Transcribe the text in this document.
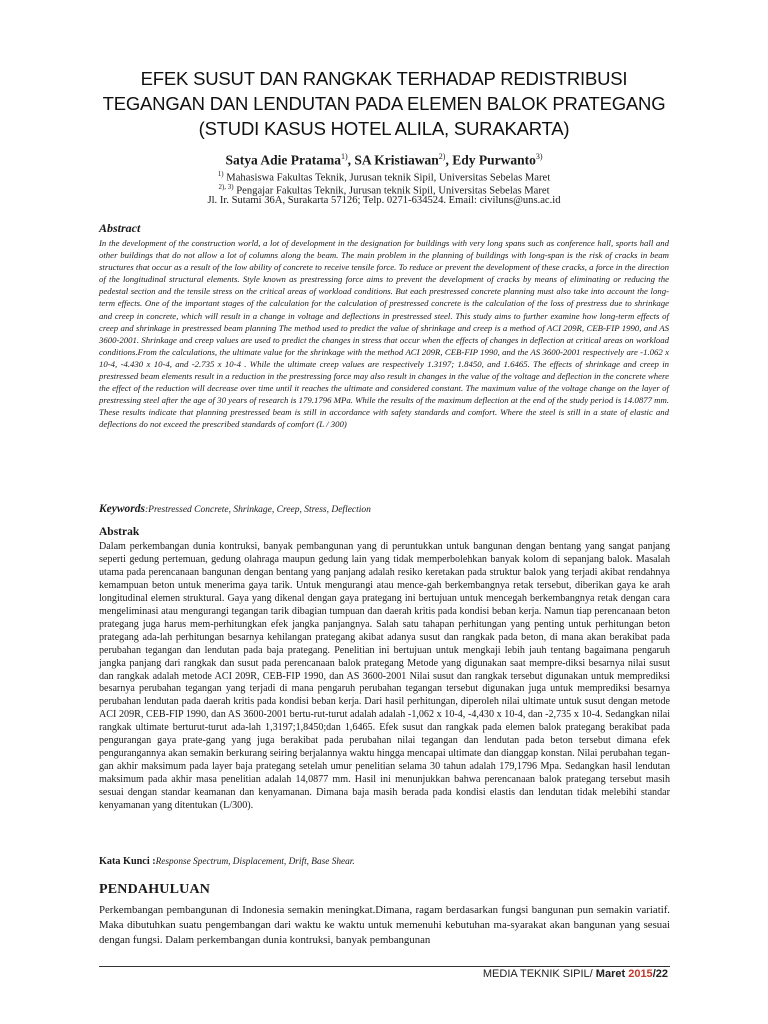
EFEK SUSUT DAN RANGKAK TERHADAP REDISTRIBUSI TEGANGAN DAN LENDUTAN PADA ELEMEN BALOK PRATEGANG (STUDI KASUS HOTEL ALILA, SURAKARTA)
Satya Adie Pratama$^{1)}$, SA Kristiawan$^{2)}$, Edy Purwanto$^{3)}$
$^{1)}$ Mahasiswa Fakultas Teknik, Jurusan teknik Sipil, Universitas Sebelas Maret
$^{2), 3)}$ Pengajar Fakultas Teknik, Jurusan teknik Sipil, Universitas Sebelas Maret
Jl. Ir. Sutami 36A, Surakarta 57126; Telp. 0271-634524. Email: civiluns@uns.ac.id
Abstract

In the development of the construction world, a lot of development in the designation for buildings with very long spans such as conference hall, sports hall and other buildings that do not allow a lot of columns along the beam. The main problem in the planning of buildings with long-span is the risk of cracks in beam structures that occur as a result of the low ability of concrete to receive tensile force. To reduce or prevent the development of these cracks, a force in the direction of the longitudinal structural elements. Style known as prestressing force aims to prevent the development of cracks by means of eliminating or reducing the pedestal section and the tensile stress on the critical areas of workload conditions. But each prestressed concrete planning must also take into account the long-term effects. One of the important stages of the calculation for the calculation of prestressed concrete is the calculation of the loss of prestress due to shrinkage and creep in concrete, which will result in a change in voltage and deflections in prestressed steel. This study aims to further examine how long-term effects of creep and shrinkage in prestressed beam planning The method used to predict the value of shrinkage and creep is a method of ACI 209R, CEB-FIP 1990, and AS 3600-2001. Shrinkage and creep values are used to predict the changes in stress that occur when the effects of changes in deflection at critical areas on workload conditions.From the calculations, the ultimate value for the shrinkage with the method ACI 209R, CEB-FIP 1990, and the AS 3600-2001 respectively are -1.062 x 10-4, -4.430 x 10-4, and -2.735 x 10-4 . While the ultimate creep values are respectively 1.3197; 1.8450, and 1.6465. The effects of shrinkage and creep in prestressed beam elements result in a reduction in the prestressing force may also result in changes in the value of the voltage and deflection in the concrete where the effect of the reduction will decrease over time until it reaches the ultimate and considered constant. The maximum value of the voltage change on the layer of prestressing steel after the age of 30 years of research is 179.1796 MPa. While the results of the maximum deflection at the end of the study period is 14.0877 mm. These results indicate that planning prestressed beam is still in accordance with safety standards and comfort. Where the steel is still in a state of elastic and deflections do not exceed the prescribed standards of comfort (L / 300)

Keywords:Prestressed Concrete, Shrinkage, Creep, Stress, Deflection
Abstrak

Dalam perkembangan dunia kontruksi, banyak pembangunan yang di peruntukkan untuk bangunan dengan bentang yang sangat panjang seperti gedung pertemuan, gedung olahraga maupun gedung lain yang tidak memperbolehkan banyak kolom di sepanjang balok. Masalah utama pada perencanaan bangunan dengan bentang yang panjang adalah resiko keretakan pada struktur balok yang terjadi akibat rendahnya kemampuan beton untuk menerima gaya tarik. Untuk mengurangi atau mence-gah berkembangnya retak tersebut, diberikan gaya ke arah longitudinal elemen struktural. Gaya yang dikenal dengan gaya prategang ini bertujuan untuk mencegah berkembangnya retak dengan cara mengeliminasi atau mengurangi tegangan tarik dibagian tumpuan dan daerah kritis pada kondisi beban kerja. Namun tiap perencanaan beton prategang juga harus mem-perhitungkan efek jangka panjangnya. Salah satu tahapan perhitungan yang penting untuk perhitungan beton prategang ada-lah perhitungan besarnya kehilangan prategang akibat adanya susut dan rangkak pada beton, di mana akan berakibat pada perubahan tegangan dan lendutan pada baja prategang. Penelitian ini bertujuan untuk mengkaji lebih jauh tentang bagaimana pengaruh jangka panjang dari rangkak dan susut pada perencanaan balok prategang Metode yang digunakan saat mempre-diksi besarnya nilai susut dan rangkak adalah metode ACI 209R, CEB-FIP 1990, dan AS 3600-2001 Nilai susut dan rangkak tersebut digunakan untuk memprediksi besarnya perubahan tegangan yang terjadi di mana pengaruh perubahan tegangan tersebut digunakan juga untuk memprediksi besarnya perubahan lendutan pada daerah kritis pada kondisi beban kerja. Dari hasil perhitungan, diperoleh nilai ultimate untuk susut dengan metode ACI 209R, CEB-FIP 1990, dan AS 3600-2001 bertu-rut-turut adalah adalah -1,062 x 10-4, -4,430 x 10-4, dan -2,735 x 10-4. Sedangkan nilai rangkak ultimate berturut-turut ada-lah 1,3197;1,8450;dan 1,6465. Efek susut dan rangkak pada elemen balok prategang berakibat pada pengurangan gaya prate-gang yang juga berakibat pada perubahan nilai tegangan dan lendutan pada beton tersebut dimana efek pengurangannya akan semakin berkurang seiring berjalannya waktu hingga mencapai ultimate dan dianggap konstan. Nilai perubahan tegan-gan akhir maksimum pada layer baja prategang setelah umur penelitian selama 30 tahun adalah 179,1796 Mpa. Sedangkan hasil lendutan maksimum pada akhir masa penelitian adalah 14,0877 mm. Hasil ini menunjukkan bahwa perencanaan balok prategang tersebut masih sesuai dengan standar keamanan dan kenyamanan. Dimana baja masih berada pada kondisi elastis dan lendutan tidak melebihi standar kenyamanan yang ditentukan (L/300).

Kata Kunci :Response Spectrum, Displacement, Drift, Base Shear.
PENDAHULUAN

Perkembangan pembangunan di Indonesia semakin meningkat.Dimana, ragam berdasarkan fungsi bangunan pun semakin variatif. Maka dibutuhkan suatu pengembangan dari waktu ke waktu untuk memenuhi kebutuhan ma-syarakat akan bangunan yang sesuai dengan fungsi. Dalam perkembangan dunia kontruksi, banyak pembangunan

MEDIA TEKNIK SIPIL/ Maret 2015/22
